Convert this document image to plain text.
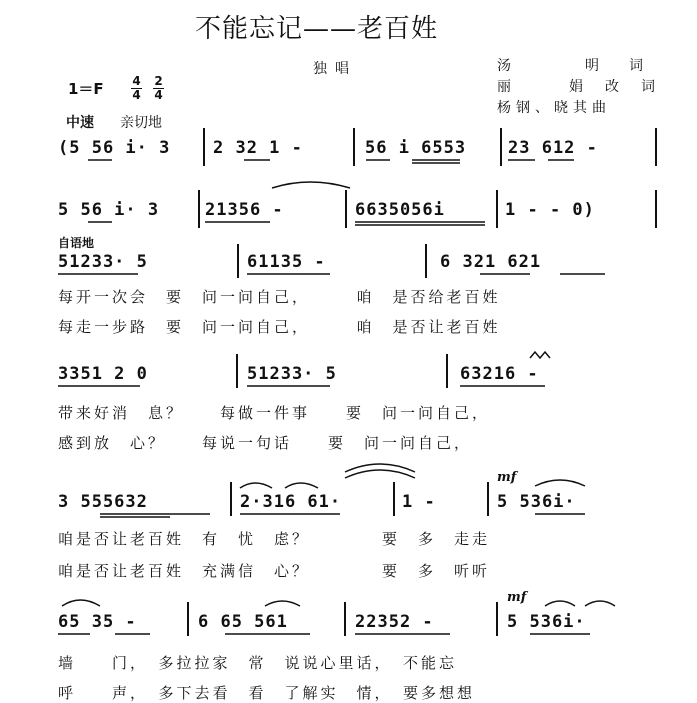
不能忘记——老百姓
独唱	汤　明词
丽　娟改词
杨钢、晓其曲
$1=F \frac{4}{4} \frac{2}{4}$
中速 亲切地
(5 56 i· 3	2 32 1 -	56 i 6553 23 612 -
5 56 i· 3	21356 -	6635056i	1 - - 0)
自语地
51233· 5	61135 -	6 321 621
每开一次会　要　问一问自己，　　　咱　是否给老百姓
每走一步路　要　问一问自己，　　　咱　是否让老百姓
3351 2 0	51233· 5	63216 -
带来好消　息？　　每做一件事　　要　问一问自己，
感到放　心？　　每说一句话　　要　问一问自己，
3 555632	2·316 61·	1 -
mf
5 536i·
咱是否让老百姓　有　忧　虑？　　　　要　多　走走
咱是否让老百姓　充满信　心？　　　　要　多　听听
65 35 -	6 65 561	22352 -
mf
5 536i·
墙　　门，　多拉拉家　常　说说心里话，　不能忘
呼　　声，　多下去看　看　了解实　情，　要多想想
